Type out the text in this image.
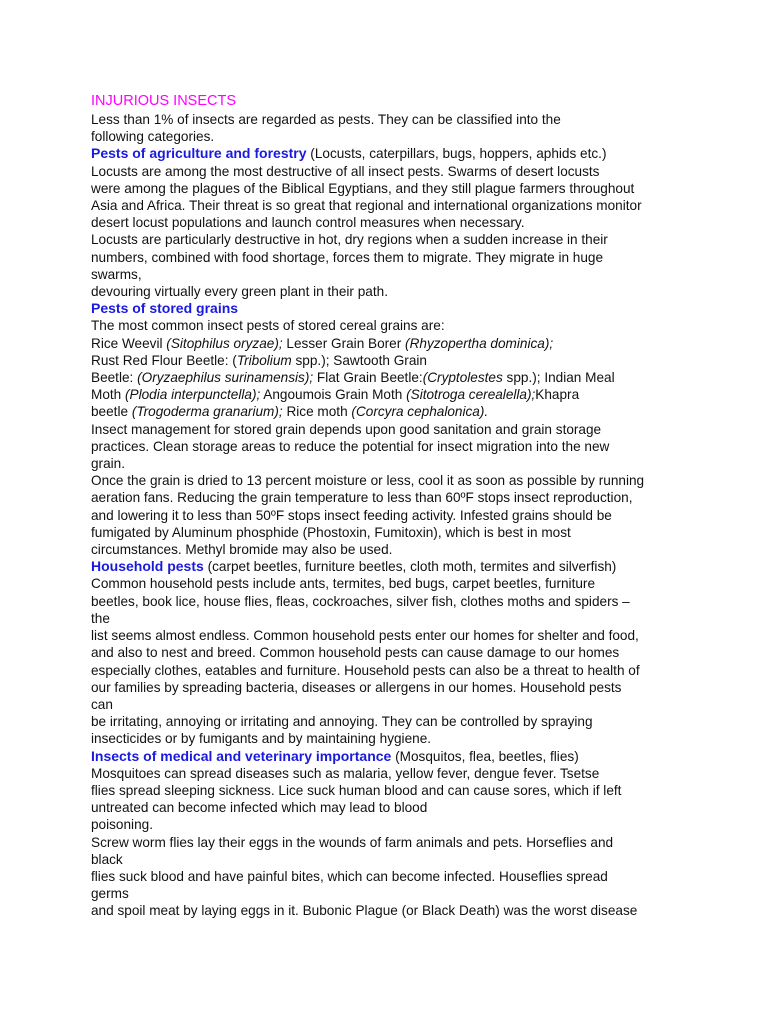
INJURIOUS INSECTS
Less than 1% of insects are regarded as pests. They can be classified into the
following categories.
Pests of agriculture and forestry (Locusts, caterpillars, bugs, hoppers, aphids etc.)
Locusts are among the most destructive of all insect pests. Swarms of desert locusts
were among the plagues of the Biblical Egyptians, and they still plague farmers throughout
Asia and Africa. Their threat is so great that regional and international organizations monitor
desert locust populations and launch control measures when necessary.
Locusts are particularly destructive in hot, dry regions when a sudden increase in their
numbers, combined with food shortage, forces them to migrate. They migrate in huge
swarms,
devouring virtually every green plant in their path.
Pests of stored grains
The most common insect pests of stored cereal grains are:
Rice Weevil (Sitophilus oryzae); Lesser Grain Borer (Rhyzopertha dominica);
Rust Red Flour Beetle: (Tribolium spp.); Sawtooth Grain
Beetle: (Oryzaephilus surinamensis); Flat Grain Beetle:(Cryptolestes spp.); Indian Meal
Moth (Plodia interpunctella); Angoumois Grain Moth (Sitotroga cerealella);Khapra
beetle (Trogoderma granarium); Rice moth (Corcyra cephalonica).
Insect management for stored grain depends upon good sanitation and grain storage
practices. Clean storage areas to reduce the potential for insect migration into the new
grain.
Once the grain is dried to 13 percent moisture or less, cool it as soon as possible by running
aeration fans. Reducing the grain temperature to less than 60ºF stops insect reproduction,
and lowering it to less than 50ºF stops insect feeding activity. Infested grains should be
fumigated by Aluminum phosphide (Phostoxin, Fumitoxin), which is best in most
circumstances. Methyl bromide may also be used.
Household pests (carpet beetles, furniture beetles, cloth moth, termites and silverfish)
Common household pests include ants, termites, bed bugs, carpet beetles, furniture
beetles, book lice, house flies, fleas, cockroaches, silver fish, clothes moths and spiders –
the
list seems almost endless. Common household pests enter our homes for shelter and food,
and also to nest and breed. Common household pests can cause damage to our homes
especially clothes, eatables and furniture. Household pests can also be a threat to health of
our families by spreading bacteria, diseases or allergens in our homes. Household pests
can
be irritating, annoying or irritating and annoying. They can be controlled by spraying
insecticides or by fumigants and by maintaining hygiene.
Insects of medical and veterinary importance (Mosquitos, flea, beetles, flies)
Mosquitoes can spread diseases such as malaria, yellow fever, dengue fever. Tsetse
flies spread sleeping sickness. Lice suck human blood and can cause sores, which if left
untreated can become infected which may lead to blood
poisoning.
Screw worm flies lay their eggs in the wounds of farm animals and pets. Horseflies and
black
flies suck blood and have painful bites, which can become infected. Houseflies spread
germs
and spoil meat by laying eggs in it. Bubonic Plague (or Black Death) was the worst disease
